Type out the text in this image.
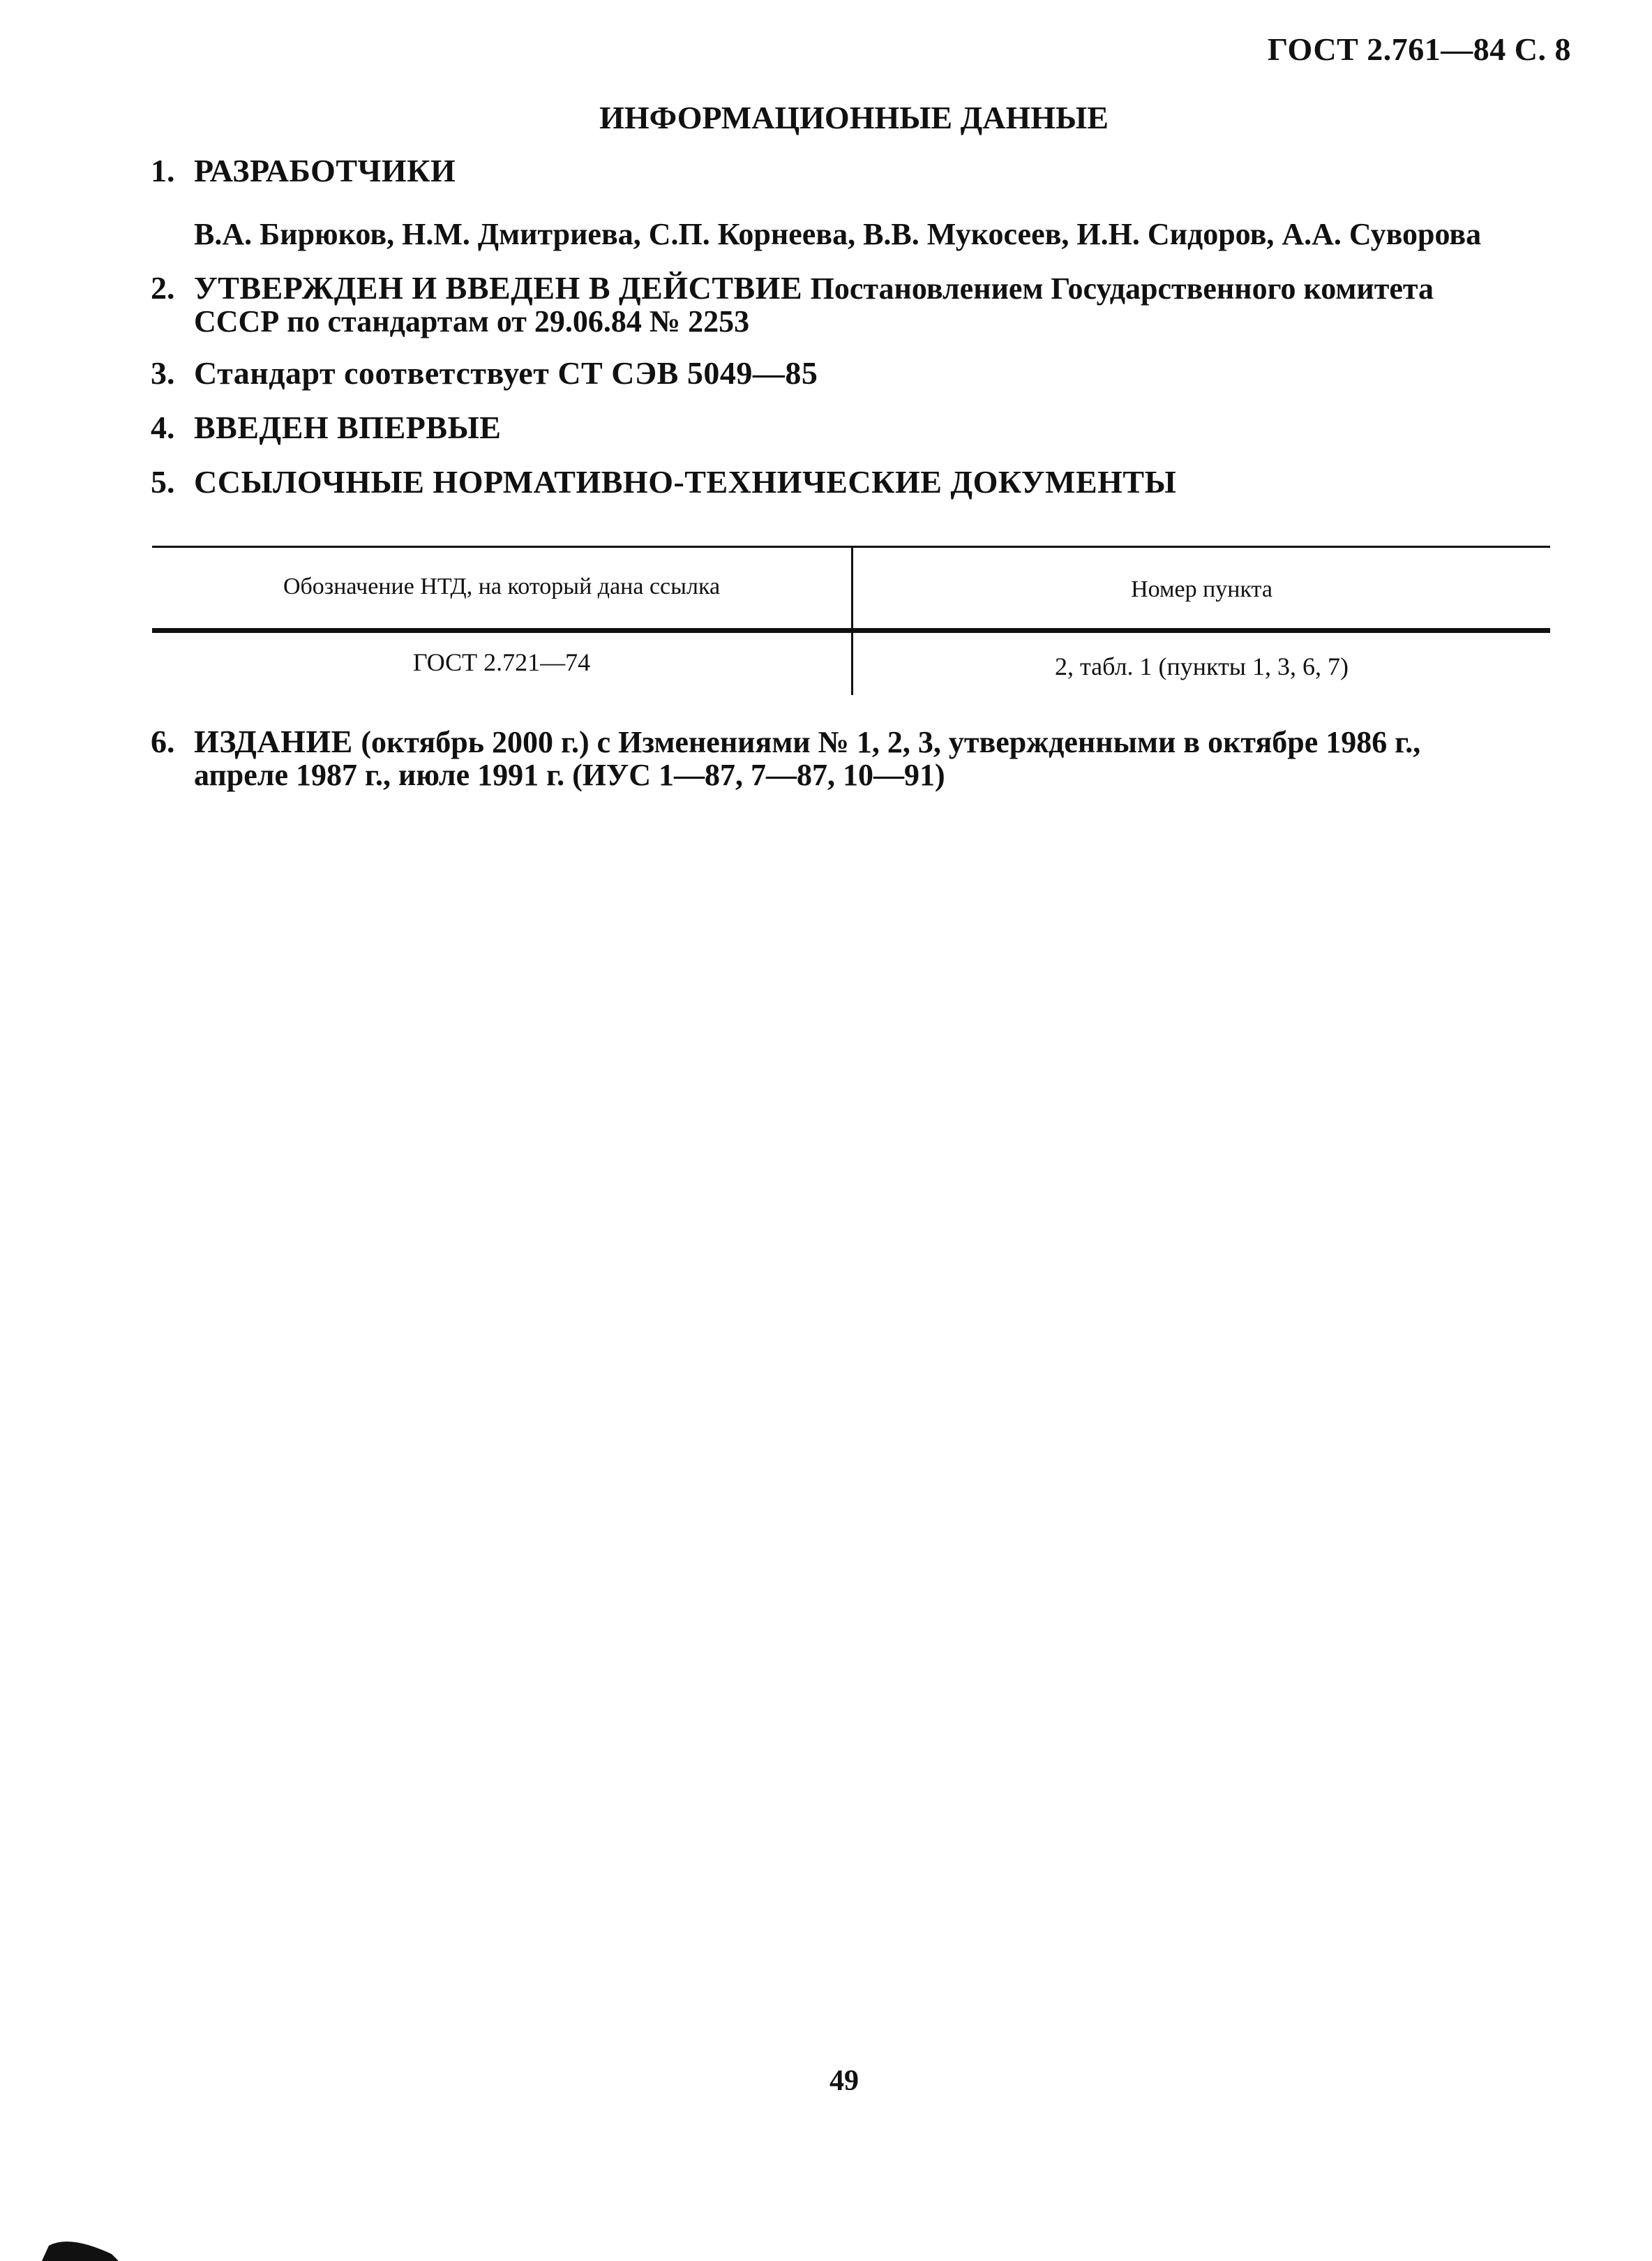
ГОСТ 2.761—84 С. 8
ИНФОРМАЦИОННЫЕ ДАННЫЕ
1. РАЗРАБОТЧИКИ
В.А. Бирюков, Н.М. Дмитриева, С.П. Корнеева, В.В. Мукосеев, И.Н. Сидоров, А.А. Суворова
2. УТВЕРЖДЕН И ВВЕДЕН В ДЕЙСТВИЕ Постановлением Государственного комитета СССР по стандартам от 29.06.84 № 2253
3. Стандарт соответствует СТ СЭВ 5049—85
4. ВВЕДЕН ВПЕРВЫЕ
5. ССЫЛОЧНЫЕ НОРМАТИВНО-ТЕХНИЧЕСКИЕ ДОКУМЕНТЫ
Обозначение НТД, на который дана ссылка	Номер пункта
ГОСТ 2.721—74	2, табл. 1 (пункты 1, 3, 6, 7)
6. ИЗДАНИЕ (октябрь 2000 г.) с Изменениями № 1, 2, 3, утвержденными в октябре 1986 г., апреле 1987 г., июле 1991 г. (ИУС 1—87, 7—87, 10—91)
49
